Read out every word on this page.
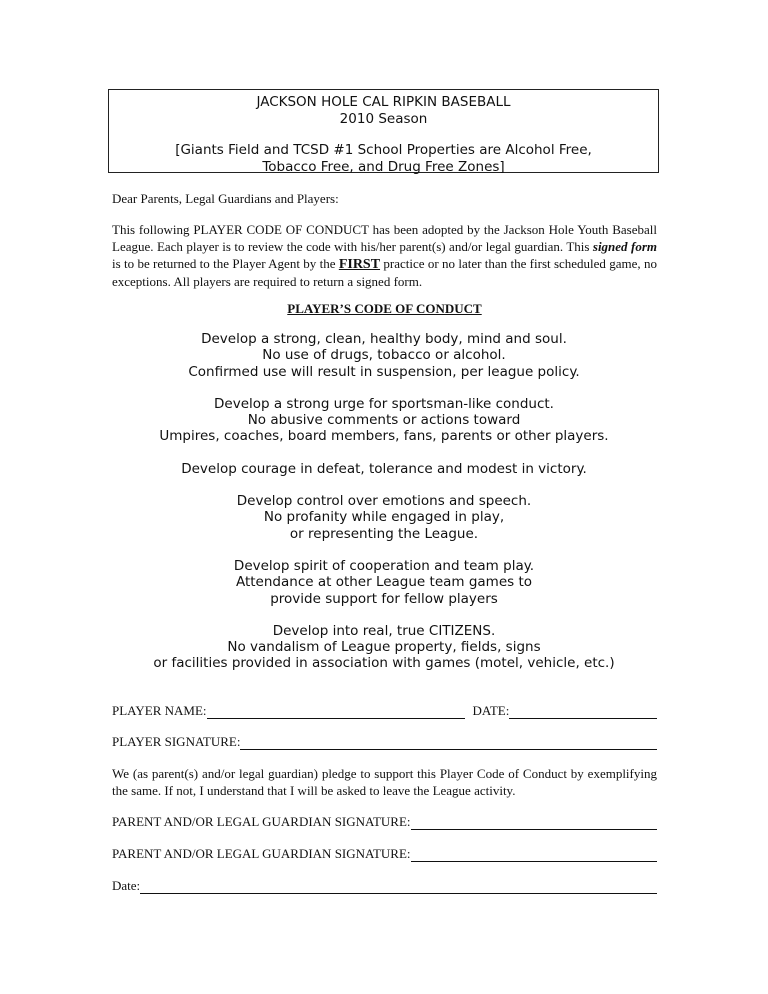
JACKSON HOLE CAL RIPKIN BASEBALL
2010 Season
[Giants Field and TCSD #1 School Properties are Alcohol Free,
Tobacco Free, and Drug Free Zones]
Dear Parents, Legal Guardians and Players:

This following PLAYER CODE OF CONDUCT has been adopted by the Jackson Hole Youth Baseball League. Each player is to review the code with his/her parent(s) and/or legal guardian. This signed form is to be returned to the Player Agent by the FIRST practice or no later than the first scheduled game, no exceptions. All players are required to return a signed form.

PLAYER’S CODE OF CONDUCT
Develop a strong, clean, healthy body, mind and soul.
No use of drugs, tobacco or alcohol.
Confirmed use will result in suspension, per league policy.
Develop a strong urge for sportsman-like conduct.
No abusive comments or actions toward
Umpires, coaches, board members, fans, parents or other players.
Develop courage in defeat, tolerance and modest in victory.
Develop control over emotions and speech.
No profanity while engaged in play,
or representing the League.
Develop spirit of cooperation and team play.
Attendance at other League team games to
provide support for fellow players
Develop into real, true CITIZENS.
No vandalism of League property, fields, signs
or facilities provided in association with games (motel, vehicle, etc.)
PLAYER NAME:	DATE:
PLAYER SIGNATURE:

We (as parent(s) and/or legal guardian) pledge to support this Player Code of Conduct by exemplifying the same. If not, I understand that I will be asked to leave the League activity.

PARENT AND/OR LEGAL GUARDIAN SIGNATURE:
PARENT AND/OR LEGAL GUARDIAN SIGNATURE:
Date:
